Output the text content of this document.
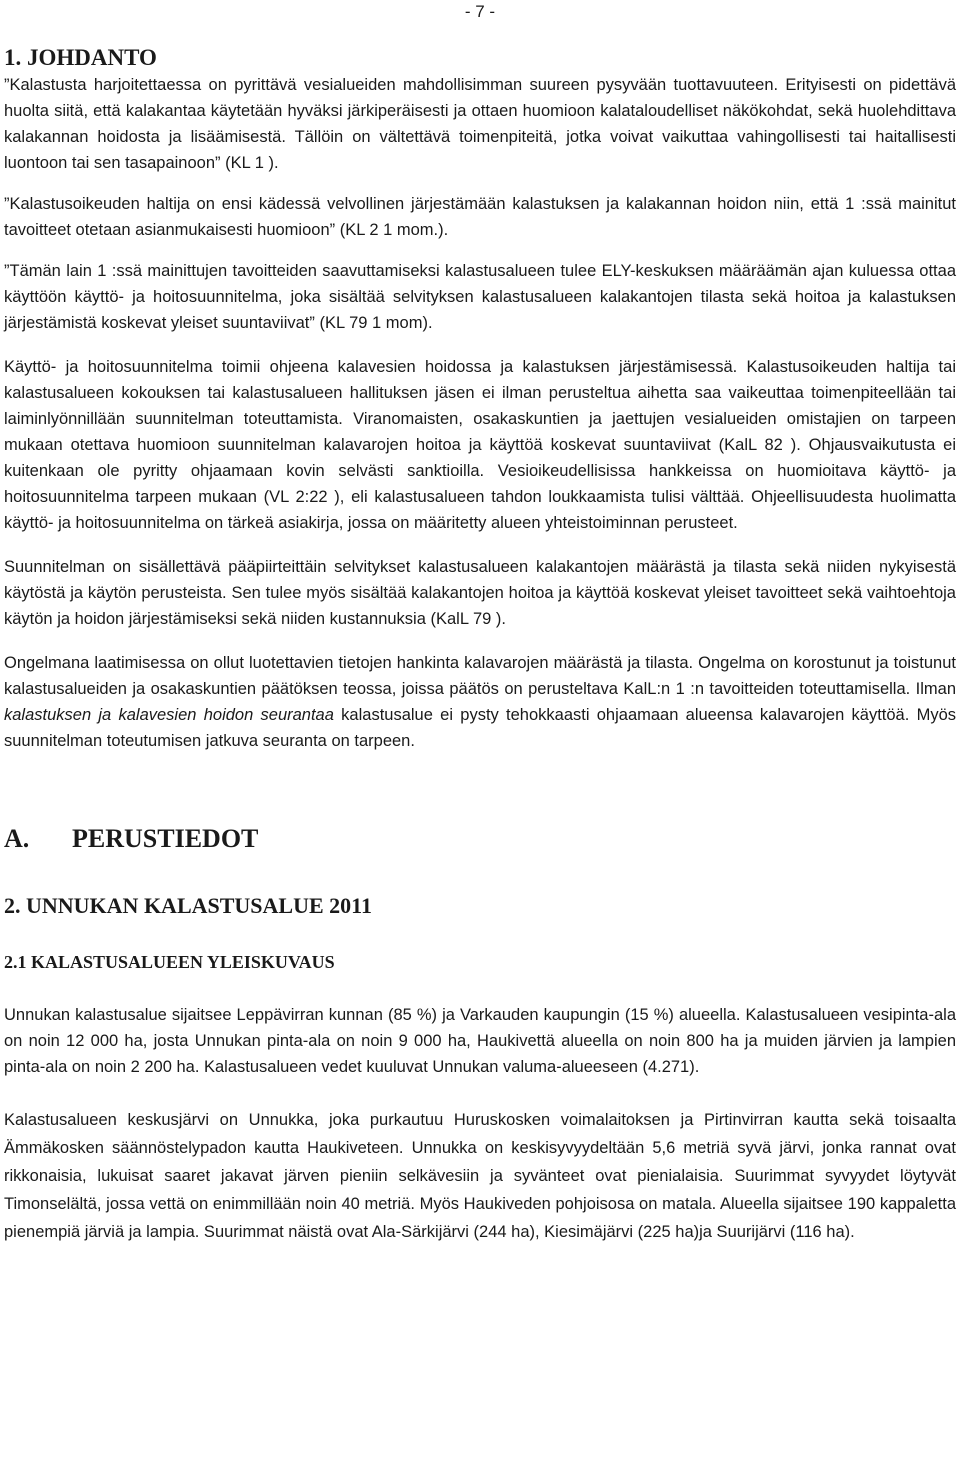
- 7 -
1. JOHDANTO

”Kalastusta harjoitettaessa on pyrittävä vesialueiden mahdollisimman suureen pysyvään tuottavuuteen. Erityisesti on pidettävä huolta siitä, että kalakantaa käytetään hyväksi järkiperäisesti ja ottaen huomioon kalataloudelliset näkökohdat, sekä huolehdittava kalakannan hoidosta ja lisäämisestä. Tällöin on vältettävä toimenpiteitä, jotka voivat vaikuttaa vahingollisesti tai haitallisesti luontoon tai sen tasapainoon” (KL 1 ).

”Kalastusoikeuden haltija on ensi kädessä velvollinen järjestämään kalastuksen ja kalakannan hoidon niin, että 1 :ssä mainitut tavoitteet otetaan asianmukaisesti huomioon” (KL 2 1 mom.).

”Tämän lain 1 :ssä mainittujen tavoitteiden saavuttamiseksi kalastusalueen tulee ELY-keskuksen määräämän ajan kuluessa ottaa käyttöön käyttö- ja hoitosuunnitelma, joka sisältää selvityksen kalastusalueen kalakantojen tilasta sekä hoitoa ja kalastuksen järjestämistä koskevat yleiset suuntaviivat” (KL 79 1 mom).

Käyttö- ja hoitosuunnitelma toimii ohjeena kalavesien hoidossa ja kalastuksen järjestämisessä. Kalastusoikeuden haltija tai kalastusalueen kokouksen tai kalastusalueen hallituksen jäsen ei ilman perusteltua aihetta saa vaikeuttaa toimenpiteellään tai laiminlyönnillään suunnitelman toteuttamista. Viranomaisten, osakaskuntien ja jaettujen vesialueiden omistajien on tarpeen mukaan otettava huomioon suunnitelman kalavarojen hoitoa ja käyttöä koskevat suuntaviivat (KalL 82 ). Ohjausvaikutusta ei kuitenkaan ole pyritty ohjaamaan kovin selvästi sanktioilla. Vesioikeudellisissa hankkeissa on huomioitava käyttö- ja hoitosuunnitelma tarpeen mukaan (VL 2:22 ), eli kalastusalueen tahdon loukkaamista tulisi välttää. Ohjeellisuudesta huolimatta käyttö- ja hoitosuunnitelma on tärkeä asiakirja, jossa on määritetty alueen yhteistoiminnan perusteet.

Suunnitelman on sisällettävä pääpiirteittäin selvitykset kalastusalueen kalakantojen määrästä ja tilasta sekä niiden nykyisestä käytöstä ja käytön perusteista. Sen tulee myös sisältää kalakantojen hoitoa ja käyttöä koskevat yleiset tavoitteet sekä vaihtoehtoja käytön ja hoidon järjestämiseksi sekä niiden kustannuksia (KalL 79 ).

Ongelmana laatimisessa on ollut luotettavien tietojen hankinta kalavarojen määrästä ja tilasta. Ongelma on korostunut ja toistunut kalastusalueiden ja osakaskuntien päätöksen teossa, joissa päätös on perusteltava KalL:n 1 :n tavoitteiden toteuttamisella. Ilman kalastuksen ja kalavesien hoidon seurantaa kalastusalue ei pysty tehokkaasti ohjaamaan alueensa kalavarojen käyttöä. Myös suunnitelman toteutumisen jatkuva seuranta on tarpeen.

A. PERUSTIEDOT
2. UNNUKAN KALASTUSALUE 2011
2.1 KALASTUSALUEEN YLEISKUVAUS

Unnukan kalastusalue sijaitsee Leppävirran kunnan (85 %) ja Varkauden kaupungin (15 %) alueella. Kalastusalueen vesipinta-ala on noin 12 000 ha, josta Unnukan pinta-ala on noin 9 000 ha, Haukivettä alueella on noin 800 ha ja muiden järvien ja lampien pinta-ala on noin 2 200 ha. Kalastusalueen vedet kuuluvat Unnukan valuma-alueeseen (4.271).

Kalastusalueen keskusjärvi on Unnukka, joka purkautuu Huruskosken voimalaitoksen ja Pirtinvirran kautta sekä toisaalta Ämmäkosken säännöstelypadon kautta Haukiveteen. Unnukka on keskisyvyydeltään 5,6 metriä syvä järvi, jonka rannat ovat rikkonaisia, lukuisat saaret jakavat järven pieniin selkävesiin ja syvänteet ovat pienialaisia. Suurimmat syvyydet löytyvät Timonselältä, jossa vettä on enimmillään noin 40 metriä. Myös Haukiveden pohjoisosa on matala. Alueella sijaitsee 190 kappaletta pienempiä järviä ja lampia. Suurimmat näistä ovat Ala-Särkijärvi (244 ha), Kiesimäjärvi (225 ha)ja Suurijärvi (116 ha).
